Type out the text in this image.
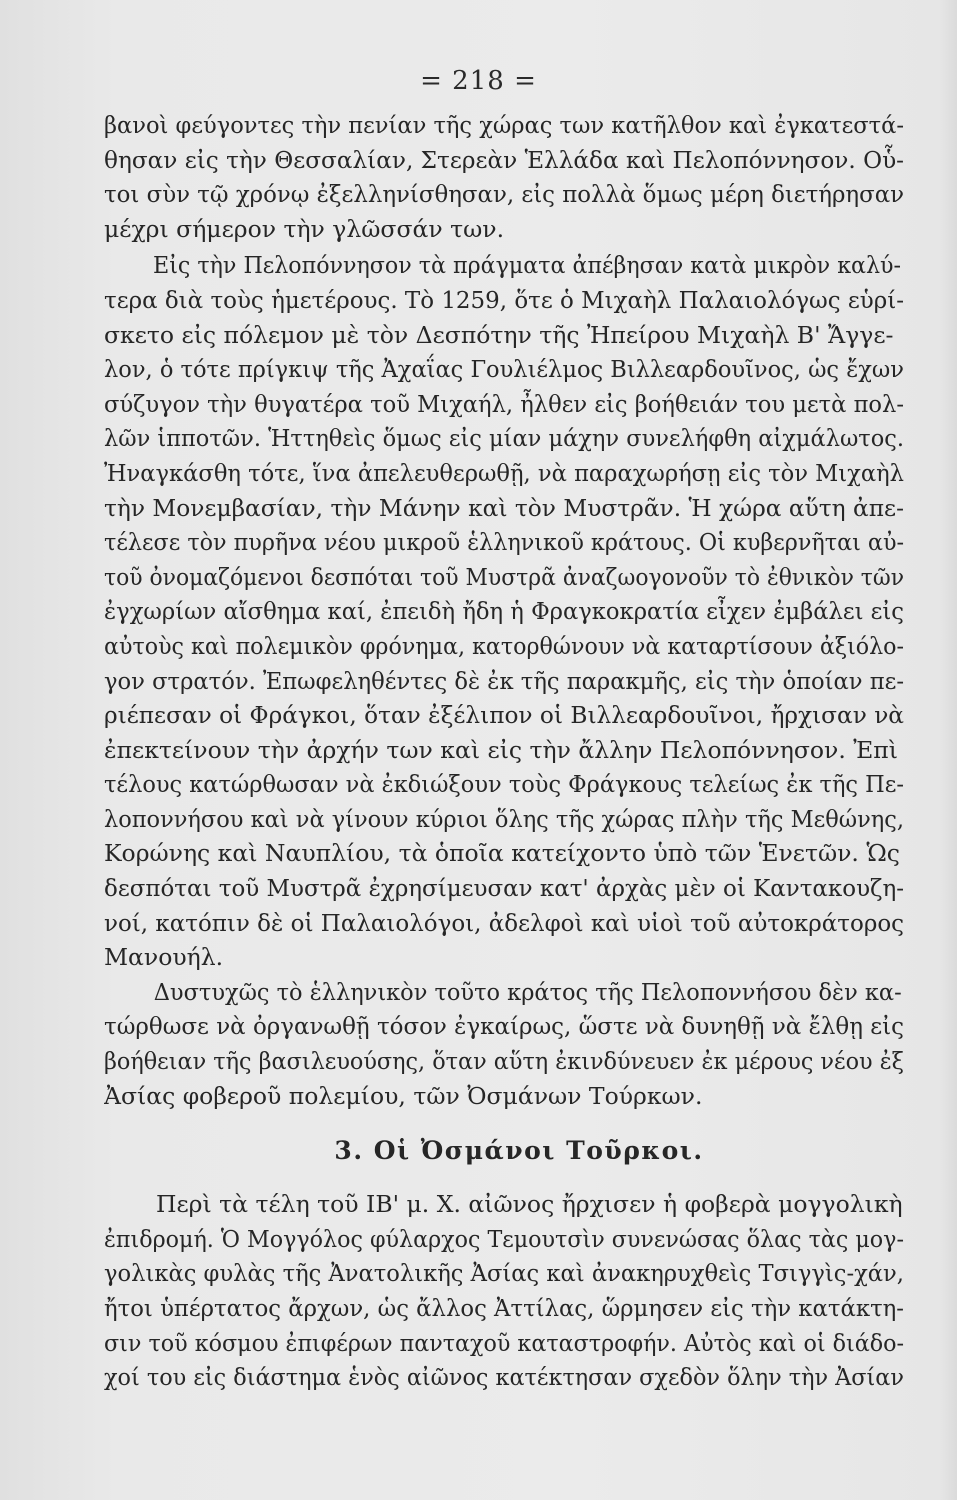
= 218 =
βανοὶ φεύγοντες τὴν πενίαν τῆς χώρας των κατῆλθον καὶ ἐγκατεστά-
θησαν εἰς τὴν Θεσσαλίαν, Στερεὰν Ἑλλάδα καὶ Πελοπόννησον. Οὗ-
τοι σὺν τῷ χρόνῳ ἐξελληνίσθησαν, εἰς πολλὰ ὅμως μέρη διετήρησαν
μέχρι σήμερον τὴν γλῶσσάν των.
Εἰς τὴν Πελοπόννησον τὰ πράγματα ἀπέβησαν κατὰ μικρὸν καλύ-
τερα διὰ τοὺς ἡμετέρους. Τὸ 1259, ὅτε ὁ Μιχαὴλ Παλαιολόγως εὑρί-
σκετο εἰς πόλεμον μὲ τὸν Δεσπότην τῆς Ἠπείρου Μιχαὴλ Β' Ἄγγε-
λον, ὁ τότε πρίγκιψ τῆς Ἀχαΐας Γουλιέλμος Βιλλεαρδουῖνος, ὡς ἔχων
σύζυγον τὴν θυγατέρα τοῦ Μιχαήλ, ἦλθεν εἰς βοήθειάν του μετὰ πολ-
λῶν ἱπποτῶν. Ἡττηθεὶς ὅμως εἰς μίαν μάχην συνελήφθη αἰχμάλωτος.
Ἠναγκάσθη τότε, ἵνα ἀπελευθερωθῇ, νὰ παραχωρήσῃ εἰς τὸν Μιχαὴλ
τὴν Μονεμβασίαν, τὴν Μάνην καὶ τὸν Μυστρᾶν. Ἡ χώρα αὕτη ἀπε-
τέλεσε τὸν πυρῆνα νέου μικροῦ ἑλληνικοῦ κράτους. Οἱ κυβερνῆται αὐ-
τοῦ ὀνομαζόμενοι δεσπόται τοῦ Μυστρᾶ ἀναζωογονοῦν τὸ ἐθνικὸν τῶν
ἐγχωρίων αἴσθημα καί, ἐπειδὴ ἤδη ἡ Φραγκοκρατία εἶχεν ἐμβάλει εἰς
αὐτοὺς καὶ πολεμικὸν φρόνημα, κατορθώνουν νὰ καταρτίσουν ἀξιόλο-
γον στρατόν. Ἐπωφεληθέντες δὲ ἐκ τῆς παρακμῆς, εἰς τὴν ὁποίαν πε-
ριέπεσαν οἱ Φράγκοι, ὅταν ἐξέλιπον οἱ Βιλλεαρδουῖνοι, ἤρχισαν νὰ
ἐπεκτείνουν τὴν ἀρχήν των καὶ εἰς τὴν ἄλλην Πελοπόννησον. Ἐπὶ
τέλους κατώρθωσαν νὰ ἐκδιώξουν τοὺς Φράγκους τελείως ἐκ τῆς Πε-
λοποννήσου καὶ νὰ γίνουν κύριοι ὅλης τῆς χώρας πλὴν τῆς Μεθώνης,
Κορώνης καὶ Ναυπλίου, τὰ ὁποῖα κατείχοντο ὑπὸ τῶν Ἑνετῶν. Ὡς
δεσπόται τοῦ Μυστρᾶ ἐχρησίμευσαν κατ' ἀρχὰς μὲν οἱ Καντακουζη-
νοί, κατόπιν δὲ οἱ Παλαιολόγοι, ἀδελφοὶ καὶ υἱοὶ τοῦ αὐτοκράτορος
Μανουήλ.
Δυστυχῶς τὸ ἑλληνικὸν τοῦτο κράτος τῆς Πελοποννήσου δὲν κα-
τώρθωσε νὰ ὀργανωθῇ τόσον ἐγκαίρως, ὥστε νὰ δυνηθῇ νὰ ἔλθῃ εἰς
βοήθειαν τῆς βασιλευούσης, ὅταν αὕτη ἐκινδύνευεν ἐκ μέρους νέου ἐξ
Ἀσίας φοβεροῦ πολεμίου, τῶν Ὀσμάνων Τούρκων.
3. Οἱ Ὀσμάνοι Τοῦρκοι.
Περὶ τὰ τέλη τοῦ ΙΒ' μ. Χ. αἰῶνος ἤρχισεν ἡ φοβερὰ μογγολικὴ
ἐπιδρομή. Ὁ Μογγόλος φύλαρχος Τεμουτσὶν συνενώσας ὅλας τὰς μογ-
γολικὰς φυλὰς τῆς Ἀνατολικῆς Ἀσίας καὶ ἀνακηρυχθεὶς Τσιγγὶς-χάν,
ἤτοι ὑπέρτατος ἄρχων, ὡς ἄλλος Ἀττίλας, ὥρμησεν εἰς τὴν κατάκτη-
σιν τοῦ κόσμου ἐπιφέρων πανταχοῦ καταστροφήν. Αὐτὸς καὶ οἱ διάδο-
χοί του εἰς διάστημα ἑνὸς αἰῶνος κατέκτησαν σχεδὸν ὅλην τὴν Ἀσίαν
